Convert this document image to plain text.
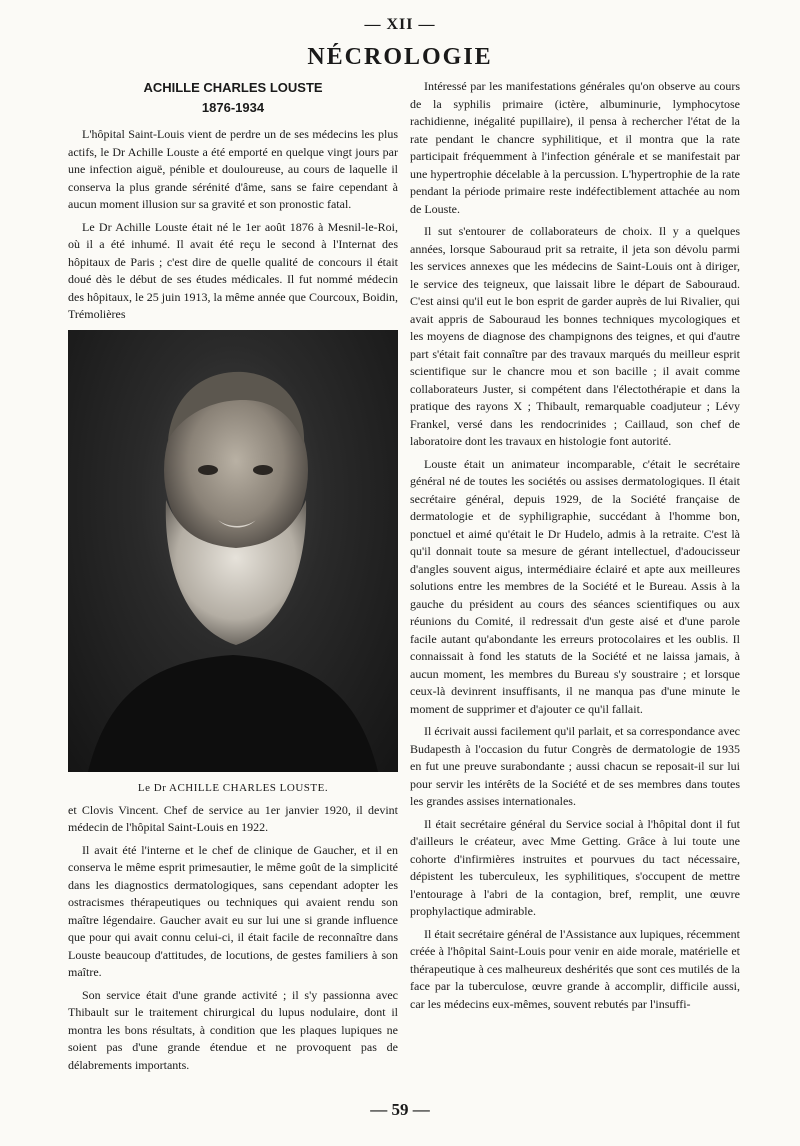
— XII —
NÉCROLOGIE
ACHILLE CHARLES LOUSTE
1876-1934

L'hôpital Saint-Louis vient de perdre un de ses médecins les plus actifs, le Dr Achille Louste a été emporté en quelque vingt jours par une infection aiguë, pénible et douloureuse, au cours de laquelle il conserva la plus grande sérénité d'âme, sans se faire cependant à aucun moment illusion sur sa gravité et son pronostic fatal.

Le Dr Achille Louste était né le 1er août 1876 à Mesnil-le-Roi, où il a été inhumé. Il avait été reçu le second à l'Internat des hôpitaux de Paris ; c'est dire de quelle qualité de concours il était doué dès le début de ses études médicales. Il fut nommé médecin des hôpitaux, le 25 juin 1913, la même année que Courcoux, Boidin, Trémolières

Le Dr ACHILLE CHARLES LOUSTE.

et Clovis Vincent. Chef de service au 1er janvier 1920, il devint médecin de l'hôpital Saint-Louis en 1922.

Il avait été l'interne et le chef de clinique de Gaucher, et il en conserva le même esprit primesautier, le même goût de la simplicité dans les diagnostics dermatologiques, sans cependant adopter les ostracismes thérapeutiques ou techniques qui avaient rendu son maître légendaire. Gaucher avait eu sur lui une si grande influence que pour qui avait connu celui-ci, il était facile de reconnaître dans Louste beaucoup d'attitudes, de locutions, de gestes familiers à son maître.

Son service était d'une grande activité ; il s'y passionna avec Thibault sur le traitement chirurgical du lupus nodulaire, dont il montra les bons résultats, à condition que les plaques lupiques ne soient pas d'une grande étendue et ne provoquent pas de délabrements importants.

Intéressé par les manifestations générales qu'on observe au cours de la syphilis primaire (ictère, albuminurie, lymphocytose rachidienne, inégalité pupillaire), il pensa à rechercher l'état de la rate pendant le chancre syphilitique, et il montra que la rate participait fréquemment à l'infection générale et se manifestait par une hypertrophie décelable à la percussion. L'hypertrophie de la rate pendant la période primaire reste indéfectiblement attachée au nom de Louste.

Il sut s'entourer de collaborateurs de choix. Il y a quelques années, lorsque Sabouraud prit sa retraite, il jeta son dévolu parmi les services annexes que les médecins de Saint-Louis ont à diriger, le service des teigneux, que laissait libre le départ de Sabouraud. C'est ainsi qu'il eut le bon esprit de garder auprès de lui Rivalier, qui avait appris de Sabouraud les bonnes techniques mycologiques et les moyens de diagnose des champignons des teignes, et qui d'autre part s'était fait connaître par des travaux marqués du meilleur esprit scientifique sur le chancre mou et son bacille ; il avait comme collaborateurs Juster, si compétent dans l'électothérapie et dans la pratique des rayons X ; Thibault, remarquable coadjuteur ; Lévy Frankel, versé dans les rendocrinides ; Caillaud, son chef de laboratoire dont les travaux en histologie font autorité.

Louste était un animateur incomparable, c'était le secrétaire général né de toutes les sociétés ou assises dermatologiques. Il était secrétaire général, depuis 1929, de la Société française de dermatologie et de syphiligraphie, succédant à l'homme bon, ponctuel et aimé qu'était le Dr Hudelo, admis à la retraite. C'est là qu'il donnait toute sa mesure de gérant intellectuel, d'adoucisseur d'angles souvent aigus, intermédiaire éclairé et apte aux meilleures solutions entre les membres de la Société et le Bureau. Assis à la gauche du président au cours des séances scientifiques ou aux réunions du Comité, il redressait d'un geste aisé et d'une parole facile autant qu'abondante les erreurs protocolaires et les oublis. Il connaissait à fond les statuts de la Société et ne laissa jamais, à aucun moment, les membres du Bureau s'y soustraire ; et lorsque ceux-là devinrent insuffisants, il ne manqua pas d'une minute le moment de supprimer et d'ajouter ce qu'il fallait.

Il écrivait aussi facilement qu'il parlait, et sa correspondance avec Budapesth à l'occasion du futur Congrès de dermatologie de 1935 en fut une preuve surabondante ; aussi chacun se reposait-il sur lui pour servir les intérêts de la Société et de ses membres dans toutes les grandes assises internationales.

Il était secrétaire général du Service social à l'hôpital dont il fut d'ailleurs le créateur, avec Mme Getting. Grâce à lui toute une cohorte d'infirmières instruites et pourvues du tact nécessaire, dépistent les tuberculeux, les syphilitiques, s'occupent de mettre l'entourage à l'abri de la contagion, bref, remplit, une œuvre prophylactique admirable.

Il était secrétaire général de l'Assistance aux lupiques, récemment créée à l'hôpital Saint-Louis pour venir en aide morale, matérielle et thérapeutique à ces malheureux deshérités que sont ces mutilés de la face par la tuberculose, œuvre grande à accomplir, difficile aussi, car les médecins eux-mêmes, souvent rebutés par l'insuffi-

— 59 —
